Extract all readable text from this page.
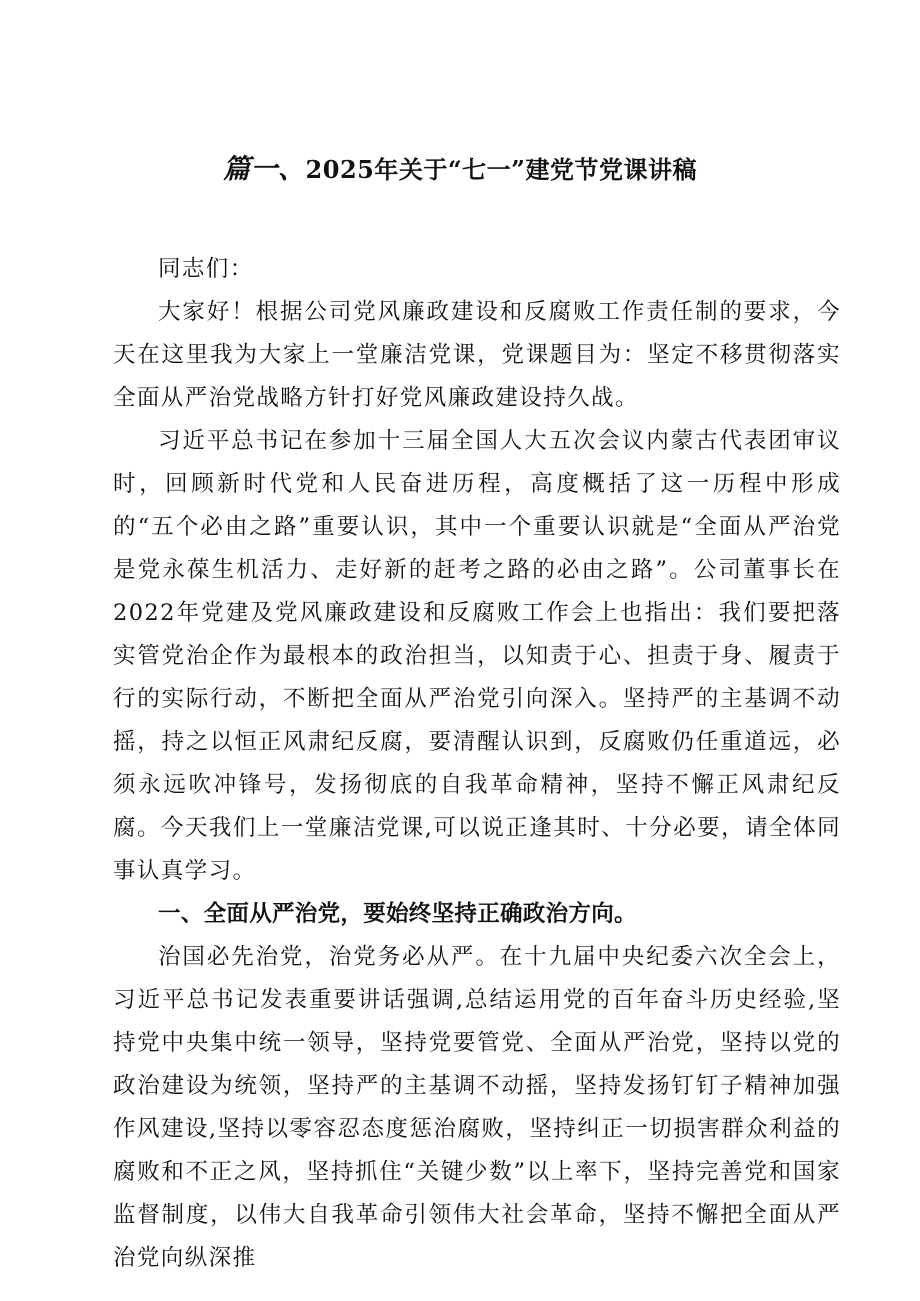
篇一、2025年关于“七一”建党节党课讲稿

同志们：

大家好！根据公司党风廉政建设和反腐败工作责任制的要求，今天在这里我为大家上一堂廉洁党课，党课题目为：坚定不移贯彻落实全面从严治党战略方针打好党风廉政建设持久战。

习近平总书记在参加十三届全国人大五次会议内蒙古代表团审议时，回顾新时代党和人民奋进历程，高度概括了这一历程中形成的“五个必由之路”重要认识，其中一个重要认识就是“全面从严治党是党永葆生机活力、走好新的赶考之路的必由之路”。公司董事长在2022年党建及党风廉政建设和反腐败工作会上也指出：我们要把落实管党治企作为最根本的政治担当，以知责于心、担责于身、履责于行的实际行动，不断把全面从严治党引向深入。坚持严的主基调不动摇，持之以恒正风肃纪反腐，要清醒认识到，反腐败仍任重道远，必须永远吹冲锋号，发扬彻底的自我革命精神，坚持不懈正风肃纪反腐。今天我们上一堂廉洁党课,可以说正逢其时、十分必要，请全体同事认真学习。

一、全面从严治党，要始终坚持正确政治方向。

治国必先治党，治党务必从严。在十九届中央纪委六次全会上，习近平总书记发表重要讲话强调,总结运用党的百年奋斗历史经验,坚持党中央集中统一领导，坚持党要管党、全面从严治党，坚持以党的政治建设为统领，坚持严的主基调不动摇，坚持发扬钉钉子精神加强作风建设,坚持以零容忍态度惩治腐败，坚持纠正一切损害群众利益的腐败和不正之风，坚持抓住“关键少数”以上率下，坚持完善党和国家监督制度，以伟大自我革命引领伟大社会革命，坚持不懈把全面从严治党向纵深推
